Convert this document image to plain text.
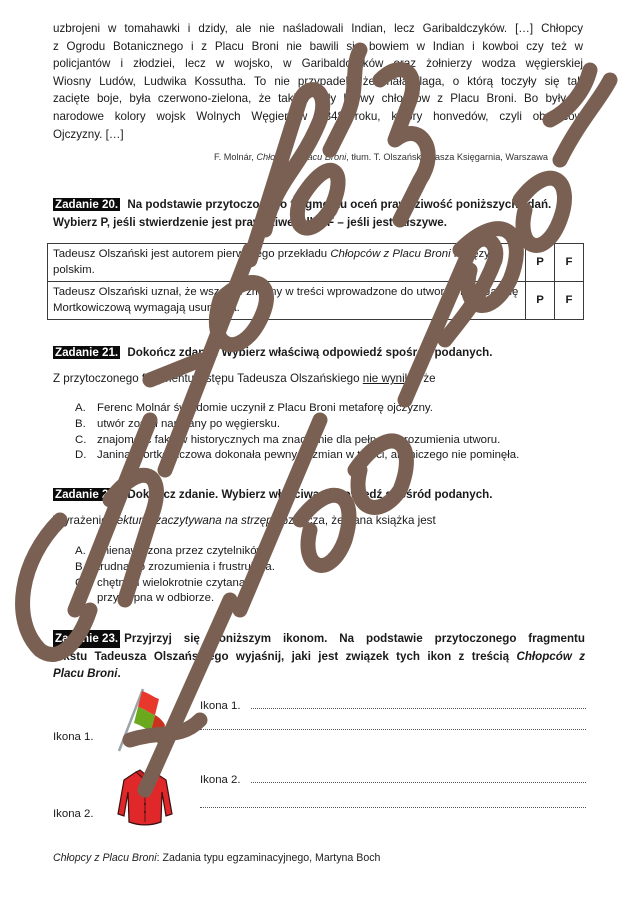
uzbrojeni w tomahawki i dzidy, ale nie naśladowali Indian, lecz Garibaldczyków. […] Chłopcy
z Ogrodu Botanicznego i z Placu Broni nie bawili się bowiem w Indian i kowboi czy też w
policjantów i złodziei, lecz w wojsko, w Garibaldczyków oraz żołnierzy wodza węgierskiej
Wiosny Ludów, Ludwika Kossutha. To nie przypadek, że mała flaga, o którą toczyły się tak
zacięte boje, była czerwono-zielona, że takież były barwy chłopców z Placu Broni. Bo były to
narodowe kolory wojsk Wolnych Węgier w 1848 roku, kolory honvedów, czyli obrońców
Ojczyzny. […]
F. Molnár, Chłopcy z Placu Broni, tłum. T. Olszański, Nasza Księgarnia, Warszawa
Zadanie 20. Na podstawie przytoczonego fragmentu oceń prawdziwość poniższych zdań.
Wybierz P, jeśli stwierdzenie jest prawdziwe, albo F – jeśli jest fałszywe.
Tadeusz Olszański jest autorem pierwszego przekładu Chłopców z Placu Broni na język polskim.	P	F
Tadeusz Olszański uznał, że wszelkie zmiany w treści wprowadzone do utworu przez Janinę Mortkowiczową wymagają usunięcia.	P	F
Zadanie 21. Dokończ zdanie. Wybierz właściwą odpowiedź spośród podanych.
Z przytoczonego fragmentu wstępu Tadeusza Olszańskiego nie wynika, że
A. Ferenc Molnár świadomie uczynił z Placu Broni metaforę ojczyzny.
B. utwór został napisany po węgiersku.
C. znajomość faktów historycznych ma znaczenie dla pełnego zrozumienia utworu.
D. Janina Mortkowiczowa dokonała pewnych zmian w treści, ale niczego nie pominęła.
Zadanie 22. Dokończ zdanie. Wybierz właściwą odpowiedź spośród podanych.
Wyrażenie [lektura] zaczytywana na strzępy oznacza, że dana książka jest
A. znienawidzona przez czytelników.
B. trudna do zrozumienia i frustrująca.
C. chętnie i wielokrotnie czytana.
D. przystępna w odbiorze.
Zadanie 23. Przyjrzyj się poniższym ikonom. Na podstawie przytoczonego fragmentu
tekstu Tadeusza Olszańskiego wyjaśnij, jaki jest związek tych ikon z treścią Chłopców z
Placu Broni.
Ikona 1.
Ikona 1.
Ikona 2.
Ikona 2.
Chłopcy z Placu Broni: Zadania typu egzaminacyjnego, Martyna Boch
